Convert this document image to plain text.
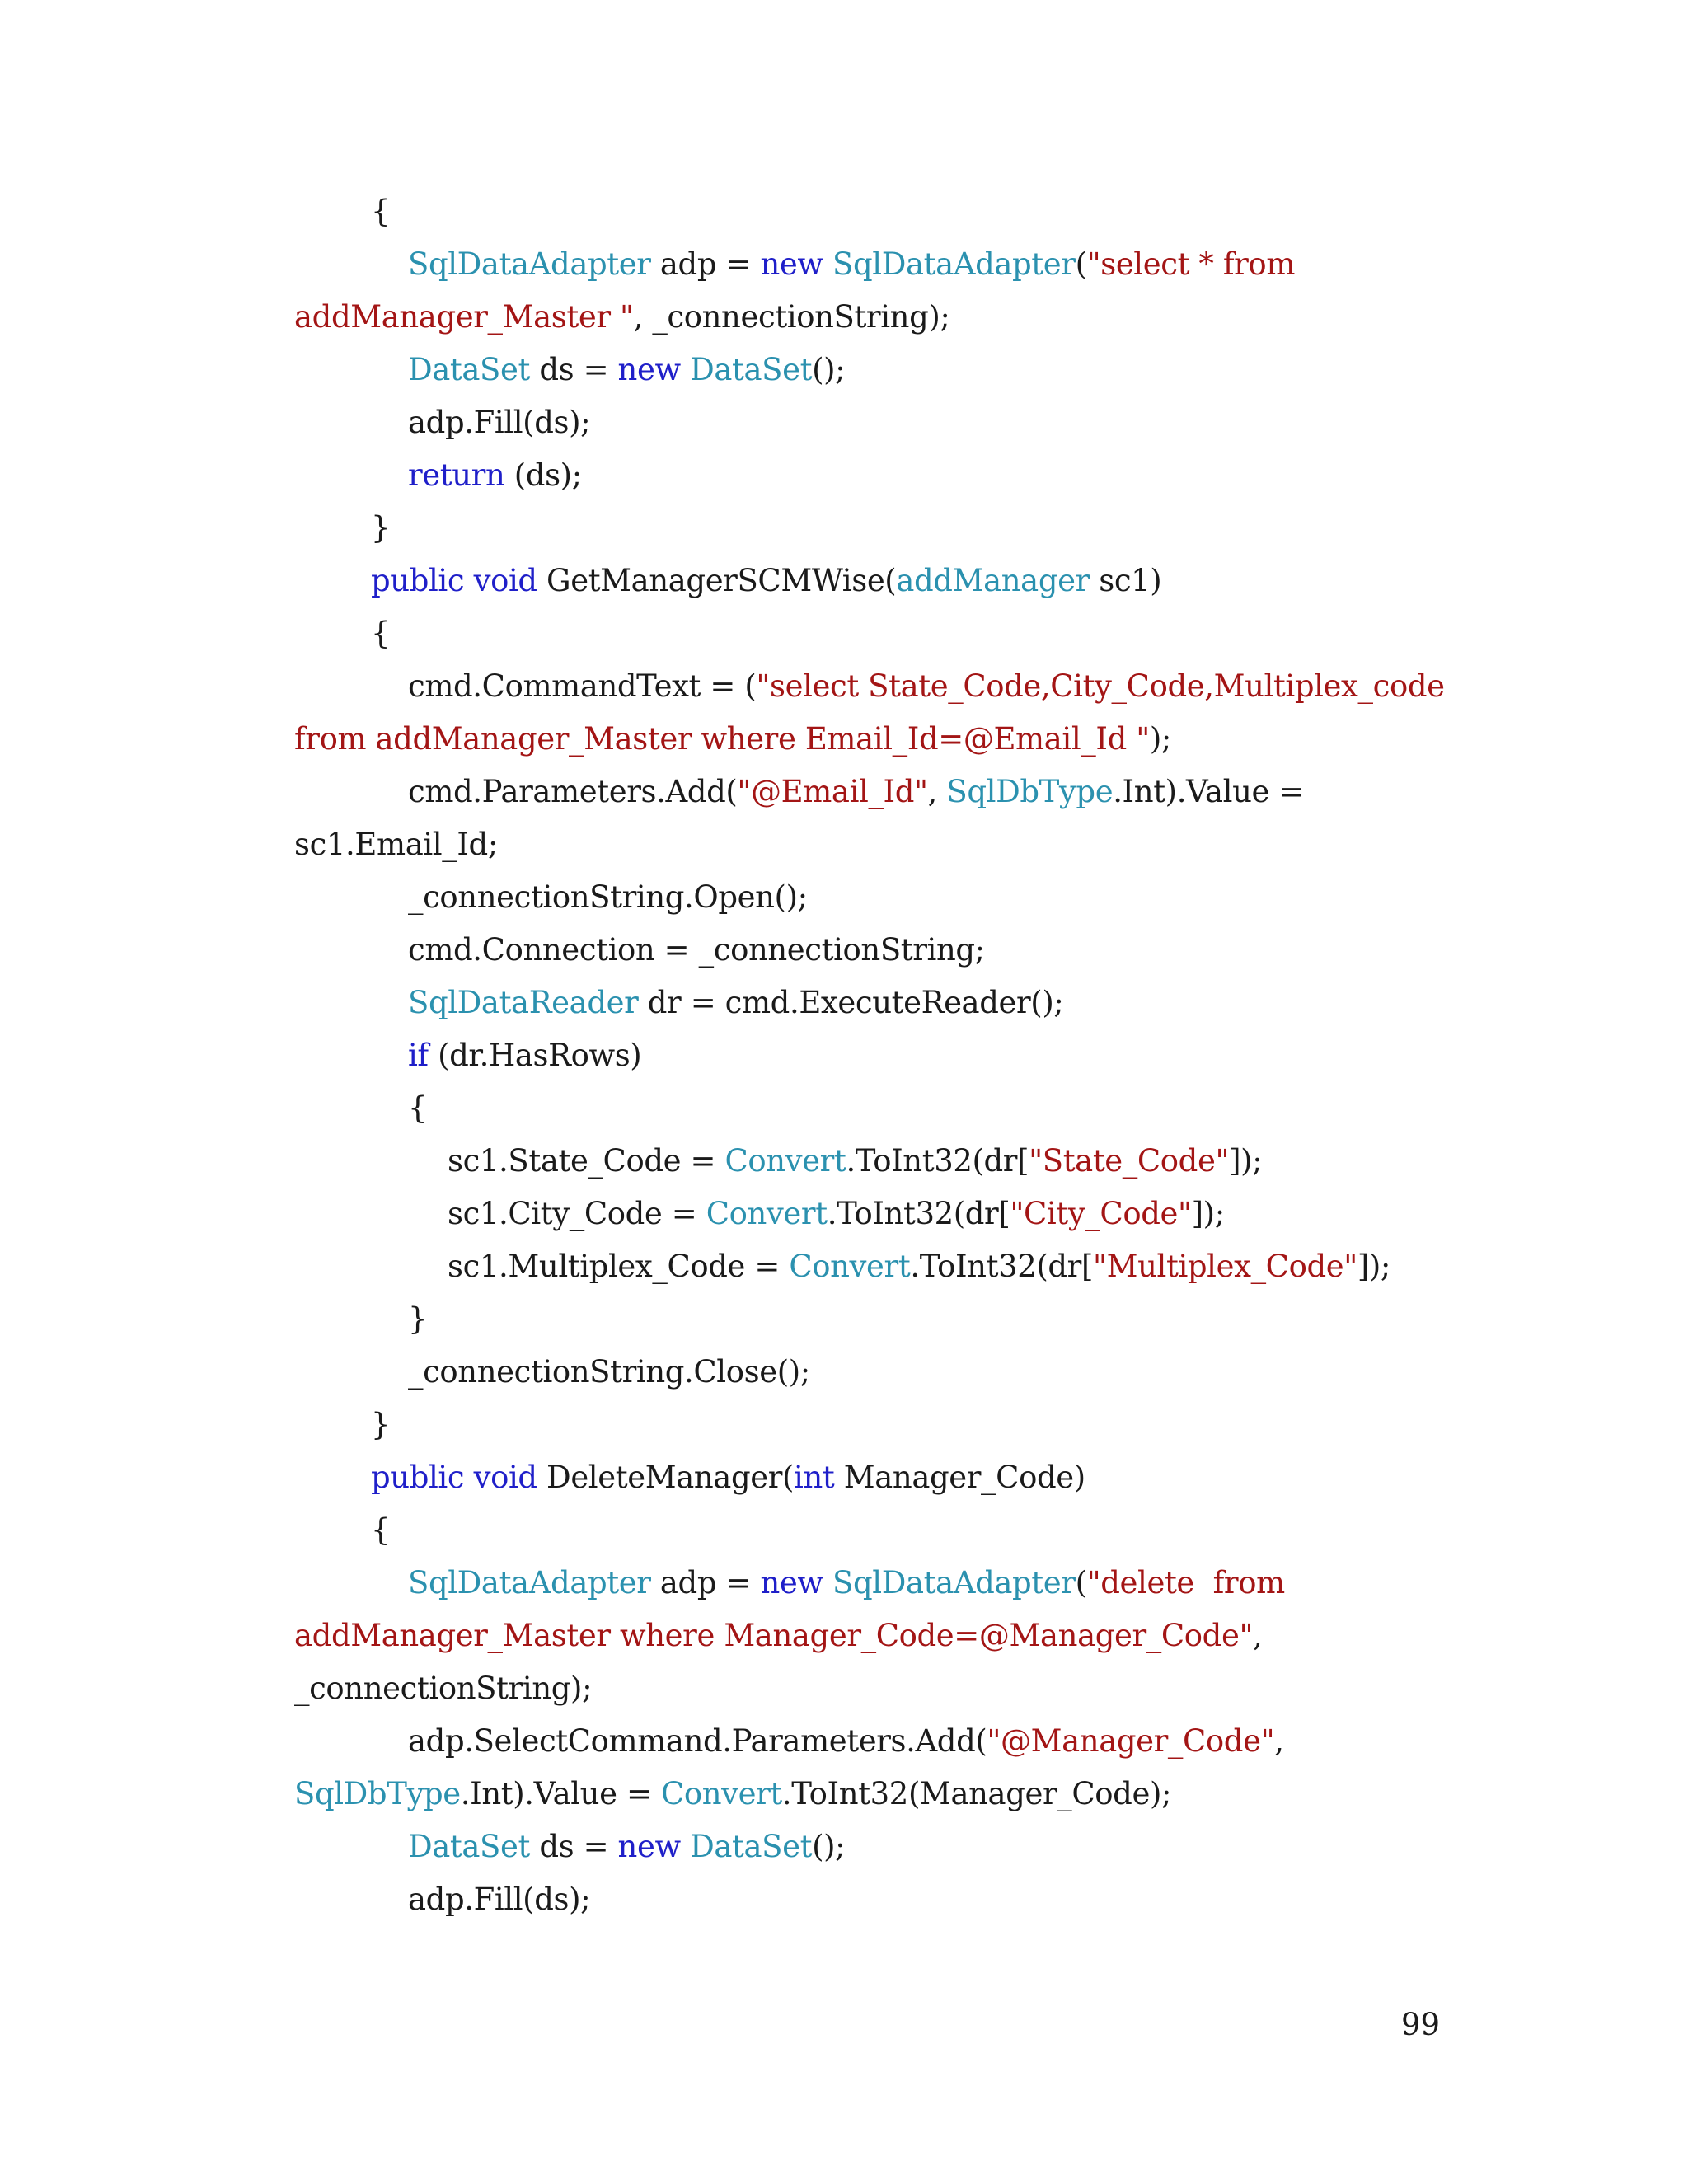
{
SqlDataAdapter adp = new SqlDataAdapter("select * from
addManager_Master ", _connectionString);
DataSet ds = new DataSet();
adp.Fill(ds);
return (ds);
}
public void GetManagerSCMWise(addManager sc1)
{
cmd.CommandText = ("select State_Code,City_Code,Multiplex_code
from addManager_Master where Email_Id=@Email_Id ");
cmd.Parameters.Add("@Email_Id", SqlDbType.Int).Value =
sc1.Email_Id;
_connectionString.Open();
cmd.Connection = _connectionString;
SqlDataReader dr = cmd.ExecuteReader();
if (dr.HasRows)
{
sc1.State_Code = Convert.ToInt32(dr["State_Code"]);
sc1.City_Code = Convert.ToInt32(dr["City_Code"]);
sc1.Multiplex_Code = Convert.ToInt32(dr["Multiplex_Code"]);
}
_connectionString.Close();
}
public void DeleteManager(int Manager_Code)
{
SqlDataAdapter adp = new SqlDataAdapter("delete  from
addManager_Master where Manager_Code=@Manager_Code",
_connectionString);
adp.SelectCommand.Parameters.Add("@Manager_Code",
SqlDbType.Int).Value = Convert.ToInt32(Manager_Code);
DataSet ds = new DataSet();
adp.Fill(ds);
99
